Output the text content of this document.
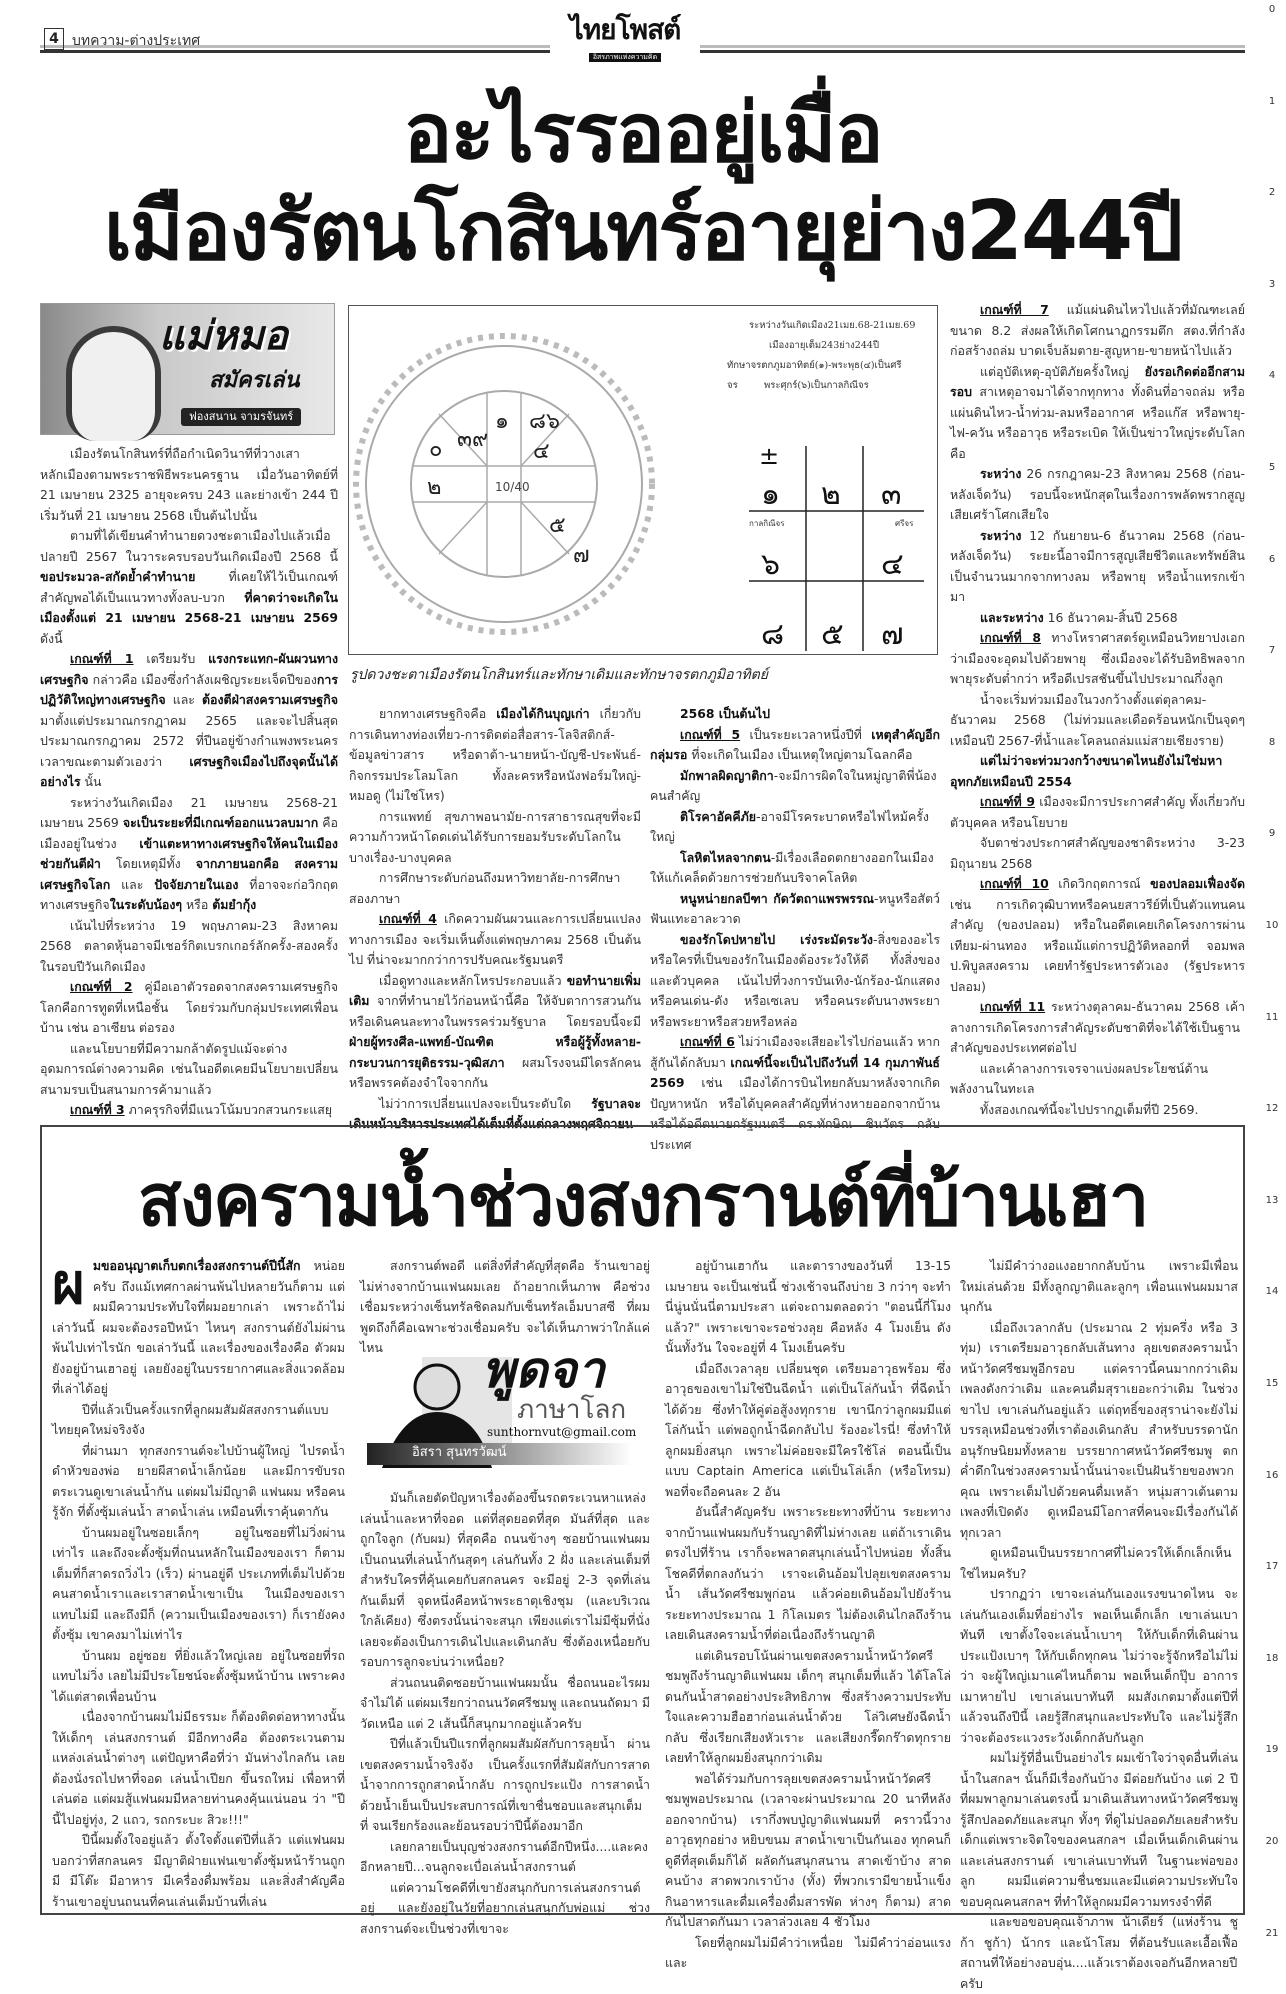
4 บทความ-ต่างประเทศ	ไทยโพสต์
อิสรภาพแห่งความคิด
อะไรรออยู่เมื่อ
เมืองรัตนโกสินทร์อายุย่าง244ปี
แม่หมอ
สมัครเล่น
ฟองสนาน จามรจันทร์

เมืองรัตนโกสินทร์ที่ถือกำเนิดวินาทีที่วางเสาหลักเมืองตามพระราชพิธีพระนครฐาน เมื่อวันอาทิตย์ที่ 21 เมษายน 2325 อายุจะครบ 243 และย่างเข้า 244 ปี เริ่มวันที่ 21 เมษายน 2568 เป็นต้นไปนั้น

ตามที่ได้เขียนคำทำนายดวงชะตาเมืองไปแล้วเมื่อปลายปี 2567 ในวาระครบรอบวันเกิดเมืองปี 2568 นี้ ขอประมวล-สกัดย้ำคำทำนาย ที่เคยให้ไว้เป็นเกณฑ์สำคัญพอได้เป็นแนวทางทั้งลบ-บวก ที่คาดว่าจะเกิดในเมืองตั้งแต่ 21 เมษายน 2568-21 เมษายน 2569 ดังนี้

เกณฑ์ที่ 1 เตรียมรับ แรงกระแทก-ผันผวนทางเศรษฐกิจ กล่าวคือ เมืองซึ่งกำลังเผชิญระยะเจ็ดปีของการปฏิวัติใหญ่ทางเศรษฐกิจ และ ต้องตีฝ่าสงครามเศรษฐกิจ มาตั้งแต่ประมาณกรกฎาคม 2565 และจะไปสิ้นสุดประมาณกรกฎาคม 2572 ที่ปีนอยู่ข้างกำแพงพระนครเวลาขณะตามตัวเองว่า เศรษฐกิจเมืองไปถึงจุดนั้นได้อย่างไร นั้น

ระหว่างวันเกิดเมือง 21 เมษายน 2568-21 เมษายน 2569 จะเป็นระยะที่มีเกณฑ์ออกแนวลบมาก คือเมืองอยู่ในช่วง เข้าแตะหาทางเศรษฐกิจให้คนในเมืองช่วยกันตีฝ่า โดยเหตุมีทั้ง จากภายนอกคือ สงครามเศรษฐกิจโลก และ ปัจจัยภายในเอง ที่อาจจะก่อวิกฤตทางเศรษฐกิจในระดับน้องๆ หรือ ต้มยำกุ้ง

เน้นไปที่ระหว่าง 19 พฤษภาคม-23 สิงหาคม 2568 ตลาดหุ้นอาจมีเชอร์กิตเบรกเกอร์ลักครั้ง-สองครั้งในรอบปีวันเกิดเมือง

เกณฑ์ที่ 2 คู่มือเอาตัวรอดจากสงครามเศรษฐกิจโลกคือการทูตที่เหนือชั้น โดยร่วมกับกลุ่มประเทศเพื่อนบ้าน เช่น อาเซียน ต่อรอง

และนโยบายที่มีความกล้าตัดรูปแม้จะต่างอุดมการณ์ต่างความคิด เช่นในอดีตเคยมีนโยบายเปลี่ยนสนามรบเป็นสนามการค้ามาแล้ว

เกณฑ์ที่ 3 ภาครุรกิจที่มีแนวโน้มบวกสวนกระแสยุ

ยากทางเศรษฐกิจคือ เมืองได้กินบุญเก่า เกี่ยวกับการเดินทางท่องเที่ยว-การติดต่อสื่อสาร-โลจิสติกส์-ข้อมูลข่าวสาร หรือดาต้า-นายหน้า-บัญชี-ประพันธ์-กิจกรรมประโลมโลก ทั้งละครหรือหนังฟอร์มใหญ่-หมอดู (ไม่ใช่โหร)

การแพทย์ สุขภาพอนามัย-การสาธารณสุขที่จะมีความก้าวหน้าโดดเด่นได้รับการยอมรับระดับโลกในบางเรื่อง-บางบุคคล

การศึกษาระดับก่อนถึงมหาวิทยาลัย-การศึกษาสองภาษา

เกณฑ์ที่ 4 เกิดความผันผวนและการเปลี่ยนแปลงทางการเมือง จะเริ่มเห็นตั้งแต่พฤษภาคม 2568 เป็นต้นไป ที่น่าจะมากกว่าการปรับคณะรัฐมนตรี

เมื่อดูทางและหลักโหรประกอบแล้ว ขอทำนายเพิ่มเติม จากที่ทำนายไว้ก่อนหน้านี้คือ ให้จับตาการสวนกันหรือเดินคนละทางในพรรคร่วมรัฐบาล โดยรอบนี้จะมี ฝ่ายผู้ทรงศีล-แพทย์-บัณฑิต หรือผู้รู้ทั้งหลาย-กระบวนการยุติธรรม-วุฒิสภา ผสมโรงจนมีไดรลักคนหรือพรรคต้องจำใจจากกัน

ไม่ว่าการเปลี่ยนแปลงจะเป็นระดับใด รัฐบาลจะเดินหน้าบริหารประเทศได้เต็มที่ตั้งแต่กลางพฤศจิกายน

2568 เป็นต้นไป

เกณฑ์ที่ 5 เป็นระยะเวลาหนึ่งปีที่ เหตุสำคัญอีกกลุ่มรอ ที่จะเกิดในเมือง เป็นเหตุใหญ่ตามโฉลกคือ

มักพาลผิดญาติกา-จะมีการผิดใจในหมู่ญาติพี่น้องคนสำคัญ

ติโรคาอัคคีภัย-อาจมีโรคระบาดหรือไฟไหม้ครั้งใหญ่

โลหิตไหลจากตน-มีเรื่องเลือดตกยางออกในเมือง ให้แก้เคล็ดด้วยการช่วยกันบริจาคโลหิต

หนูหน่ายกลบีฑา กัดวัตถาแพรพรรณ-หนูหรือสัตว์ฟันแทะอาละวาด

ของรักโดปหายไป เร่งระมัดระวัง-สิ่งของอะไรหรือใครที่เป็นของรักในเมืองต้องระวังให้ดี ทั้งสิ่งของและตัวบุคคล เน้นไปที่วงการบันเทิง-นักร้อง-นักแสดง หรือคนเด่น-ดัง หรือเซเลบ หรือคนระดับนางพระยา หรือพระยาหรือสวยหรือหล่อ

เกณฑ์ที่ 6 ไม่ว่าเมืองจะเสียอะไรไปก่อนแล้ว หากสู้กันได้กลับมา เกณฑ์นี้จะเป็นไปถึงวันที่ 14 กุมภาพันธ์ 2569 เช่น เมืองได้การบินไทยกลับมาหลังจากเกิดปัญหาหนัก หรือได้บุคคลสำคัญที่ห่างหายออกจากบ้าน หรือได้อดีตนายกรัฐมนตรี ดร.ทักษิณ ชินวัตร กลับประเทศ

เกณฑ์ที่ 7 แม้แผ่นดินไหวไปแล้วที่มัณฑะเลย์ ขนาด 8.2 ส่งผลให้เกิดโศกนาฏกรรมตึก สตง.ที่กำลังก่อสร้างถล่ม บาดเจ็บล้มตาย-สูญหาย-ขายหน้าไปแล้ว

แต่อุบัติเหตุ-อุบัติภัยครั้งใหญ่ ยังรอเกิดต่ออีกสามรอบ สาเหตุอาจมาได้จากทุกทาง ทั้งดินที่อาจถล่ม หรือแผ่นดินไหว-น้ำท่วม-ลมหรืออากาศ หรือแก๊ส หรือพายุ-ไฟ-ควัน หรืออาวุธ หรือระเบิด ให้เป็นข่าวใหญ่ระดับโลกคือ

ระหว่าง 26 กรกฎาคม-23 สิงหาคม 2568 (ก่อน-หลังเจ็ดวัน) รอบนี้จะหนักสุดในเรื่องการพลัดพรากสูญเสียเศร้าโศกเสียใจ

ระหว่าง 12 กันยายน-6 ธันวาคม 2568 (ก่อน-หลังเจ็ดวัน) ระยะนี้อาจมีการสูญเสียชีวิตและทรัพย์สินเป็นจำนวนมากจากทางลม หรือพายุ หรือน้ำแทรกเข้ามา

และระหว่าง 16 ธันวาคม-สิ้นปี 2568

เกณฑ์ที่ 8 ทางโหราศาสตร์ดูเหมือนวิทยาปงเอกว่าเมืองจะอุดมไปด้วยพายุ ซึ่งเมืองจะได้รับอิทธิพลจากพายุระดับต่ำกว่า หรือดีเปรสชันขึ้นไปประมาณกึ่งลูก

น้ำจะเริ่มท่วมเมืองในวงกว้างตั้งแต่ตุลาคม-ธันวาคม 2568 (ไม่ท่วมและเดือดร้อนหนักเป็นจุดๆ เหมือนปี 2567-ที่น้ำและโคลนถล่มแม่สายเชียงราย)

แต่ไม่ว่าจะท่วมวงกว้างขนาดไหนยังไม่ใช่มหาอุทกภัยเหมือนปี 2554

เกณฑ์ที่ 9 เมืองจะมีการประกาศสำคัญ ทั้งเกี่ยวกับตัวบุคคล หรือนโยบาย

จับตาช่วงประกาศสำคัญของชาติระหว่าง 3-23 มิถุนายน 2568

เกณฑ์ที่ 10 เกิดวิกฤตการณ์ ของปลอมเฟื่องจัด เช่น การเกิดวุฒิบาทหรือคนยสาวรีย์ที่เป็นตัวแทนคนสำคัญ (ของปลอม) หรือในอดีตเคยเกิดโครงการผ่านเทียม-ผ่านทอง หรือแม้แต่การปฏิวัติหลอกที่ จอมพล ป.พิบูลสงคราม เคยทำรัฐประหารตัวเอง (รัฐประหารปลอม)

เกณฑ์ที่ 11 ระหว่างตุลาคม-ธันวาคม 2568 เค้าลางการเกิดโครงการสำคัญระดับชาติที่จะได้ใช้เป็นฐานสำคัญของประเทศต่อไป

และเค้าลางการเจรจาแบ่งผลประโยชน์ด้านพลังงานในทะเล

ทั้งสองเกณฑ์นี้จะไปปรากฏเต็มที่ปี 2569.

๓๙
๑ ๘๖
๔
๐
๒
๕
๗
10/40
ระหว่างวันเกิดเมือง21เมย.68-21เมย.69
เมืองอายุเต็ม243ย่าง244ปี
ทักษาจรตกภูมอาทิตย์(๑)-พระพุธ(๔)เป็นศรี
จร	พระศุกร์(๖)เป็นกาลกิณีจร
๑ ๒ ๓
๖	๔
๘ ๕ ๗
±
กาลกิณีจร	ศรีจร
รูปดวงชะตาเมืองรัตนโกสินทร์และทักษาเดิมและทักษาจรตกภูมิอาทิตย์
สงครามน้ำช่วงสงกรานต์ที่บ้านเฮา
ผ มขออนุญาตเก็บตกเรื่องสงกรานต์ปีนี้สัก หน่อยครับ ถึงแม้เทศกาลผ่านพ้นไปหลายวันก็ตาม แต่ผมมีความประทับใจที่ผมอยากเล่า เพราะถ้าไม่เล่าวันนี้ ผมจะต้องรอปีหน้า ไหนๆ สงกรานต์ยังไม่ผ่านพ้นไปเท่าไรนัก ขอเล่าวันนี้ และเรื่องของเรื่องคือ ตัวผมยังอยู่บ้านเฮาอยู่ เลยยังอยู่ในบรรยากาศและสิ่งแวดล้อมที่เล่าได้อยู่

ปีที่แล้วเป็นครั้งแรกที่ลูกผมสัมผัสสงกรานต์แบบไทยยุคใหม่จริงจัง

ที่ผ่านมา ทุกสงกรานต์จะไปบ้านผู้ใหญ่ ไปรดน้ำดำหัวของพ่อ ยายผีสาดน้ำเล็กน้อย และมีการขับรถตระเวนดูเขาเล่นน้ำกัน แต่ผมไม่มีญาติ แฟนผม หรือคนรู้จัก ที่ตั้งซุ้มเล่นน้ำ สาดน้ำเล่น เหมือนที่เราคุ้นตากัน

บ้านผมอยู่ในซอยเล็กๆ อยู่ในซอยที่ไม่วิ่งผ่านเท่าไร และถึงจะตั้งซุ้มที่ถนนหลักในเมืองของเรา ก็ตามเต็มที่ก็สาดรถวิ่งไว (เร็ว) ผ่านอยู่ดี ประเภทที่เต็มไปด้วยคนสาดน้ำเราและเราสาดน้ำเขาเป็น ในเมืองของเราแทบไม่มี และถึงมีก็ (ความเป็นเมืองของเรา) ก็เรายังคงตั้งซุ้ม เขาคงมาไม่เท่าไร

บ้านผม อยู่ซอย ที่ยิ่งแล้วใหญ่เลย อยู่ในซอยที่รถแทบไม่วิ่ง เลยไม่มีประโยชน์จะตั้งซุ้มหน้าบ้าน เพราะคงได้แต่สาดเพื่อนบ้าน

เนื่องจากบ้านผมไม่มีธรรมะ ก็ต้องติดต่อหาทางนั้นให้เด็กๆ เล่นสงกรานต์ มีอีกทางคือ ต้องตระเวนตามแหล่งเล่นน้ำต่างๆ แต่ปัญหาคือที่ว่า มันห่างไกลกัน เลยต้องนั่งรถไปหาที่จอด เล่นน้ำเปียก ขึ้นรถใหม่ เพื่อหาที่เล่นต่อ แต่ผมสู้แฟนผมมีหลายท่านคงคุ้นแน่นอน ว่า "ปีนี้ไปอยู่ทุ่ง, 2 แถว, รถกระบะ สิวะ!!!"

ปีนี้ผมตั้งใจอยู่แล้ว ตั้งใจตั้งแต่ปีที่แล้ว แต่แฟนผมบอกว่าที่สกลนคร มีญาติฝ่ายแฟนเขาตั้งซุ้มหน้าร้านถูกมี มีโต๊ะ มีอาหาร มีเครื่องดื่มพร้อม และสิ่งสำคัญคือ ร้านเขาอยู่บนถนนที่คนเล่นเต็มบ้านที่เล่น

สงกรานต์พอดี แต่สิ่งที่สำคัญที่สุดคือ ร้านเขาอยู่ไม่ห่างจากบ้านแฟนผมเลย ถ้าอยากเห็นภาพ คือช่วงเชื่อมระหว่างเซ็นทรัลชิดลมกับเซ็นทรัลเอ็มบาสซี ที่ผมพูดถึงก็คือเฉพาะช่วงเชื่อมครับ จะได้เห็นภาพว่าใกล้แค่ไหน	พูดจา
ภาษาโลก
sunthornvut@gmail.com
อิสรา สุนทรวัฒน์

มันก็เลยตัดปัญหาเรื่องต้องขึ้นรถตระเวนหาแหล่งเล่นน้ำและหาที่จอด แต่ที่สุดยอดที่สุด มันส์ที่สุด และถูกใจลูก (กับผม) ที่สุดคือ ถนนข้างๆ ซอยบ้านแฟนผมเป็นถนนที่เล่นน้ำกันสุดๆ เล่นกันทั้ง 2 ฝั่ง และเล่นเต็มที่ สำหรับใครที่คุ้นเคยกับสกลนคร จะมีอยู่ 2-3 จุดที่เล่นกันเต็มที่ จุดหนึ่งคือหน้าพระธาตุเชิงชุม (และบริเวณใกล้เคียง) ซึ่งตรงนั้นน่าจะสนุก เพียงแต่เราไม่มีซุ้มที่นั่งเลยจะต้องเป็นการเดินไปและเดินกลับ ซึ่งต้องเหนื่อยกับรอบการลูกจะบ่นว่าเหนื่อย?

ส่วนถนนติดซอยบ้านแฟนผมนั้น ชื่อถนนอะไรผมจำไม่ได้ แต่ผมเรียกว่าถนนวัดศรีชมพู และถนนถัดมา มีวัดเหนือ แต่ 2 เส้นนี้ก็สนุกมากอยู่แล้วครับ

ปีที่แล้วเป็นปีแรกที่ลูกผมสัมผัสกับการลุยน้ำ ผ่านเขตสงครามน้ำจริงจัง เป็นครั้งแรกที่สัมผัสกับการสาดน้ำจากการถูกสาดน้ำกลับ การถูกประแป้ง การสาดน้ำด้วยน้ำเย็นเป็นประสบการณ์ที่เขาชื่นชอบและสนุกเต็มที่ จนเรียกร้องและย้อนรอบว่าปีนี้ต้องมาอีก

เลยกลายเป็นบุญช่วงสงกรานต์อีกปีหนึ่ง....และคงอีกหลายปี...จนลูกจะเบื่อเล่นน้ำสงกรานต์

แต่ความโชคดีที่เขายังสนุกกับการเล่นสงกรานต์อยู่ และยังอยู่ในวัยที่อยากเล่นสนุกกับพ่อแม่ ช่วงสงกรานต์จะเป็นช่วงที่เขาจะ

อยู่บ้านเฮากัน และตารางของวันที่ 13-15 เมษายน จะเป็นเช่นนี้ ช่วงเช้าจนถึงบ่าย 3 กว่าๆ จะทำนี่นู่นนั่นนี่ตามประสา แต่จะถามตลอดว่า "ตอนนี้กี่โมงแล้ว?" เพราะเขาจะรอช่วงลุย คือหลัง 4 โมงเย็น ดังนั้นทั้งวัน ใจจะอยู่ที่ 4 โมงเย็นครับ

เมื่อถึงเวลาลุย เปลี่ยนชุด เตรียมอาวุธพร้อม ซึ่งอาวุธของเขาไม่ใช่ปืนฉีดน้ำ แต่เป็นโล่กันน้ำ ที่ฉีดน้ำได้ด้วย ซึ่งทำให้คู่ต่อสู้งงทุกราย เขานึกว่าลูกผมมีแต่โล่กันน้ำ แต่พอถูกน้ำฉีดกลับไป ร้องอะไรนี่! ซึ่งทำให้ลูกผมยิ่งสนุก เพราะไม่ค่อยจะมีใครใช้โล่ ตอนนี้เป็นแบบ Captain America แต่เป็นโล่เล็ก (หรือโทรม) พอที่จะถือคนละ 2 อัน

อันนี้สำคัญครับ เพราะระยะทางที่บ้าน ระยะทางจากบ้านแฟนผมกับร้านญาติที่ไม่ห่างเลย แต่ถ้าเราเดินตรงไปที่ร้าน เราก็จะพลาดสนุกเล่นน้ำไปหน่อย ทั้งสิ้น โชคดีที่ตกลงกันว่า เราจะเดินอ้อมไปลุยเขตสงครามน้ำ เส้นวัดศรีชมพูก่อน แล้วค่อยเดินอ้อมไปยังร้าน ระยะทางประมาณ 1 กิโลเมตร ไม่ต้องเดินไกลถึงร้าน เลยเดินสงครามน้ำที่ต่อเนื่องถึงร้านญาติ

แต่เดินรอบโน้นผ่านเขตสงครามน้ำหน้าวัดศรีชมพูถึงร้านญาติแฟนผม เด็กๆ สนุกเต็มที่แล้ว ได้โลโล่ดนกันน้ำสาดอย่างประสิทธิภาพ ซึ่งสร้างความประทับใจและความฮือฮาก่อนเล่นน้ำด้วย โล่วิเศษยังฉีดน้ำกลับ ซึ่งเรียกเสียงหัวเราะ และเสียงกรี๊ดกร๊าดทุกราย เลยทำให้ลูกผมยิ่งสนุกกว่าเดิม

พอได้ร่วมกับการลุยเขตสงครามน้ำหน้าวัดศรีชมพูพอประมาณ (เวลาจะผ่านประมาณ 20 นาทีหลังออกจากบ้าน) เรากึ่งพบปู่ญาติแฟนผมที่ คราวนี้วางอาวุธทุกอย่าง หยิบขนม สาดน้ำเขาเป็นกันเอง ทุกคนก็ดูดีที่สุดเต็มก็ได้ ผลัดกันสนุกสนาน สาดเข้าบ้าง สาดคนบ้าง สาดพวกเราบ้าง (ทั้ง) ที่พวกเรามีขายน้ำแข็ง กินอาหารและดื่มเครื่องดื่มสารพัด ห่างๆ ก็ตาม) สาดกันไปสาดกันมา เวลาล่วงเลย 4 ชั่วโมง

โดยที่ลูกผมไม่มีคำว่าเหนื่อย ไม่มีคำว่าอ่อนแรง และ

ไม่มีคำว่างอแงอยากกลับบ้าน เพราะมีเพื่อนใหม่เล่นด้วย มีทั้งลูกญาติและลูกๆ เพื่อนแฟนผมมาสนุกกัน

เมื่อถึงเวลากลับ (ประมาณ 2 ทุ่มครึ่ง หรือ 3 ทุ่ม) เราเตรียมอาวุธกลับเส้นทาง ลุยเขตสงครามน้ำหน้าวัดศรีชมพูอีกรอบ แต่คราวนี้คนมากกว่าเดิม เพลงดังกว่าเดิม และคนดื่มสุราเยอะกว่าเดิม ในช่วงขาไป เขาเล่นกันอยู่แล้ว แต่ฤทธิ์ของสุราน่าจะยังไม่บรรลุเหมือนช่วงที่เราต้องเดินกลับ สำหรับบรรดานักอนุรักษนิยมทั้งหลาย บรรยากาศหน้าวัดศรีชมพู ตกค่ำดึกในช่วงสงครามน้ำนั้นน่าจะเป็นฝันร้ายของพวกคุณ เพราะเต็มไปด้วยคนดื่มเหล้า หนุ่มสาวเต้นตามเพลงที่เปิดดัง ดูเหมือนมีโอกาสที่คนจะมีเรื่องกันได้ทุกเวลา

ดูเหมือนเป็นบรรยากาศที่ไม่ควรให้เด็กเล็กเห็นใช่ไหมครับ?

ปรากฏว่า เขาจะเล่นกันเองแรงขนาดไหน จะเล่นกันเองเต็มที่อย่างไร พอเห็นเด็กเล็ก เขาเล่นเบาทันที เขาตั้งใจจะเล่นน้ำเบาๆ ให้กับเด็กที่เดินผ่าน ประแป้งเบาๆ ให้กับเด็กทุกคน ไม่ว่าจะรู้จักหรือไม่ไม่ว่า จะผู้ใหญ่เมาแค่ไหนก็ตาม พอเห็นเด็กปุ๊บ อาการเมาหายไป เขาเล่นเบาทันที ผมสังเกตมาตั้งแต่ปีที่แล้วจนถึงปีนี้ เลยรู้สึกสนุกและประทับใจ และไม่รู้สึกว่าจะต้องระแวงระวังเด็กกลับกันลูก

ผมไม่รู้ที่อื่นเป็นอย่างไร ผมเข้าใจว่าจุดอื่นที่เล่นน้ำในสกลฯ นั้นก็มีเรื่องกันบ้าง มีต่อยกันบ้าง แต่ 2 ปีที่ผมพาลูกมาเล่นตรงนี้ มาเดินเส้นทางหน้าวัดศรีชมพู รู้สึกปลอดภัยและสนุก ทั้งๆ ที่ดูไม่ปลอดภัยเลยสำหรับเด็กแต่เพราะจิตใจของคนสกลฯ เมื่อเห็นเด็กเดินผ่านและเล่นสงกรานต์ เขาเล่นเบาทันที ในฐานะพ่อของลูก ผมมีแต่ความชื่นชมและมีแต่ความประทับใจ ขอบคุณคนสกลฯ ที่ทำให้ลูกผมมีความทรงจำที่ดี

และขอขอบคุณเจ้าภาพ น้าเดียร์ (แห่งร้าน ชูก้า ชูก้า) น้ากร และน้าโสม ที่ต้อนรับและเอื้อเฟื้อสถานที่ให้อย่างอบอุ่น....แล้วเราต้องเจอกันอีกหลายปีครับ

0
1
2
3
4
5
6
7
8
9
10
11
12
13
14
15
16
17
18
19
20
21
